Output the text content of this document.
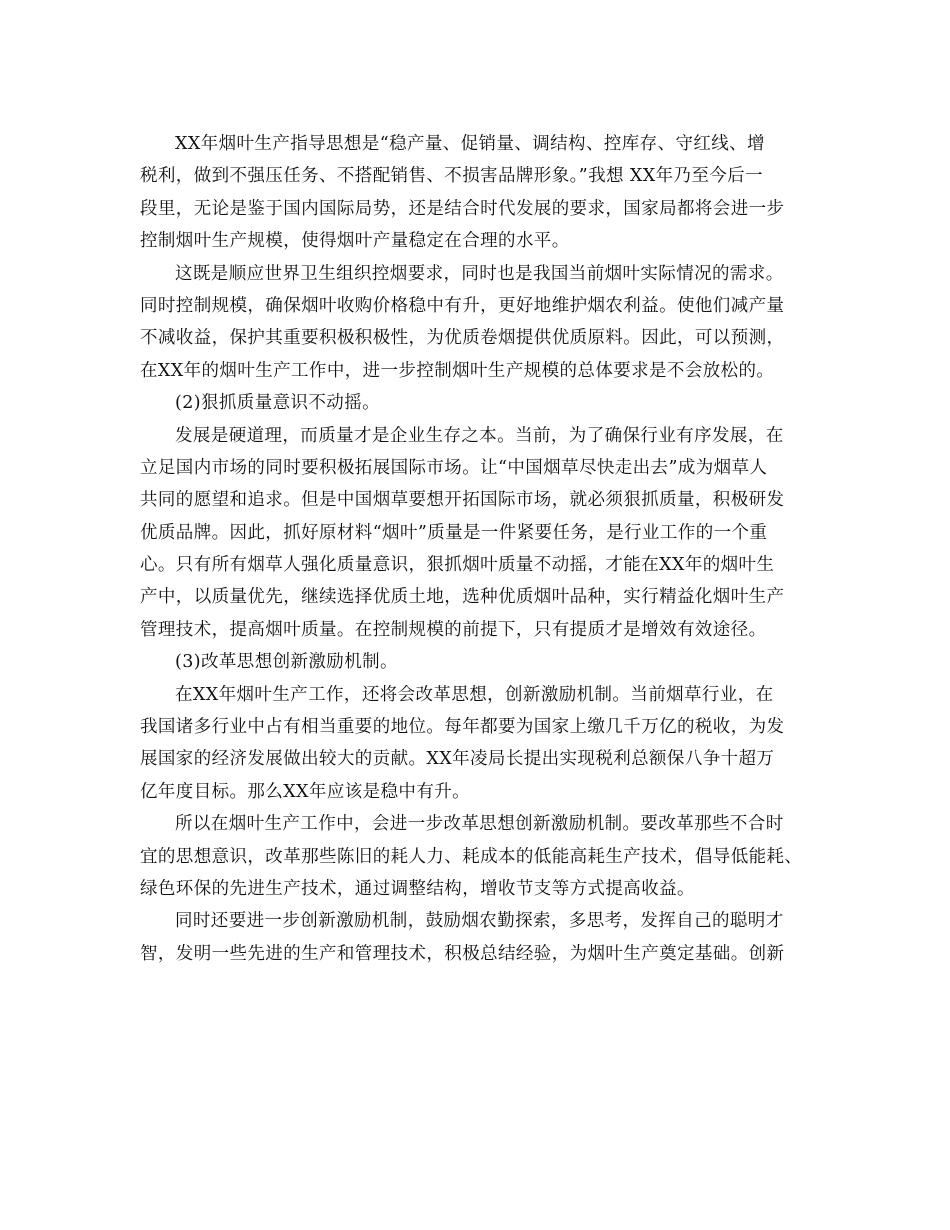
XX年烟叶生产指导思想是“稳产量、促销量、调结构、控库存、守红线、增
税利，做到不强压任务、不搭配销售、不损害品牌形象。”我想 XX年乃至今后一
段里，无论是鉴于国内国际局势，还是结合时代发展的要求，国家局都将会进一步
控制烟叶生产规模，使得烟叶产量稳定在合理的水平。
这既是顺应世界卫生组织控烟要求，同时也是我国当前烟叶实际情况的需求。
同时控制规模，确保烟叶收购价格稳中有升，更好地维护烟农利益。使他们减产量
不减收益，保护其重要积极积极性，为优质卷烟提供优质原料。因此，可以预测，
在XX年的烟叶生产工作中，进一步控制烟叶生产规模的总体要求是不会放松的。
(2)狠抓质量意识不动摇。
发展是硬道理，而质量才是企业生存之本。当前，为了确保行业有序发展，在
立足国内市场的同时要积极拓展国际市场。让“中国烟草尽快走出去”成为烟草人
共同的愿望和追求。但是中国烟草要想开拓国际市场，就必须狠抓质量，积极研发
优质品牌。因此，抓好原材料“烟叶”质量是一件紧要任务，是行业工作的一个重
心。只有所有烟草人强化质量意识，狠抓烟叶质量不动摇，才能在XX年的烟叶生
产中，以质量优先，继续选择优质土地，选种优质烟叶品种，实行精益化烟叶生产
管理技术，提高烟叶质量。在控制规模的前提下，只有提质才是增效有效途径。
(3)改革思想创新激励机制。
在XX年烟叶生产工作，还将会改革思想，创新激励机制。当前烟草行业，在
我国诸多行业中占有相当重要的地位。每年都要为国家上缴几千万亿的税收，为发
展国家的经济发展做出较大的贡献。XX年凌局长提出实现税利总额保八争十超万
亿年度目标。那么XX年应该是稳中有升。
所以在烟叶生产工作中，会进一步改革思想创新激励机制。要改革那些不合时
宜的思想意识，改革那些陈旧的耗人力、耗成本的低能高耗生产技术，倡导低能耗、
绿色环保的先进生产技术，通过调整结构，增收节支等方式提高收益。
同时还要进一步创新激励机制，鼓励烟农勤探索，多思考，发挥自己的聪明才
智，发明一些先进的生产和管理技术，积极总结经验，为烟叶生产奠定基础。创新
